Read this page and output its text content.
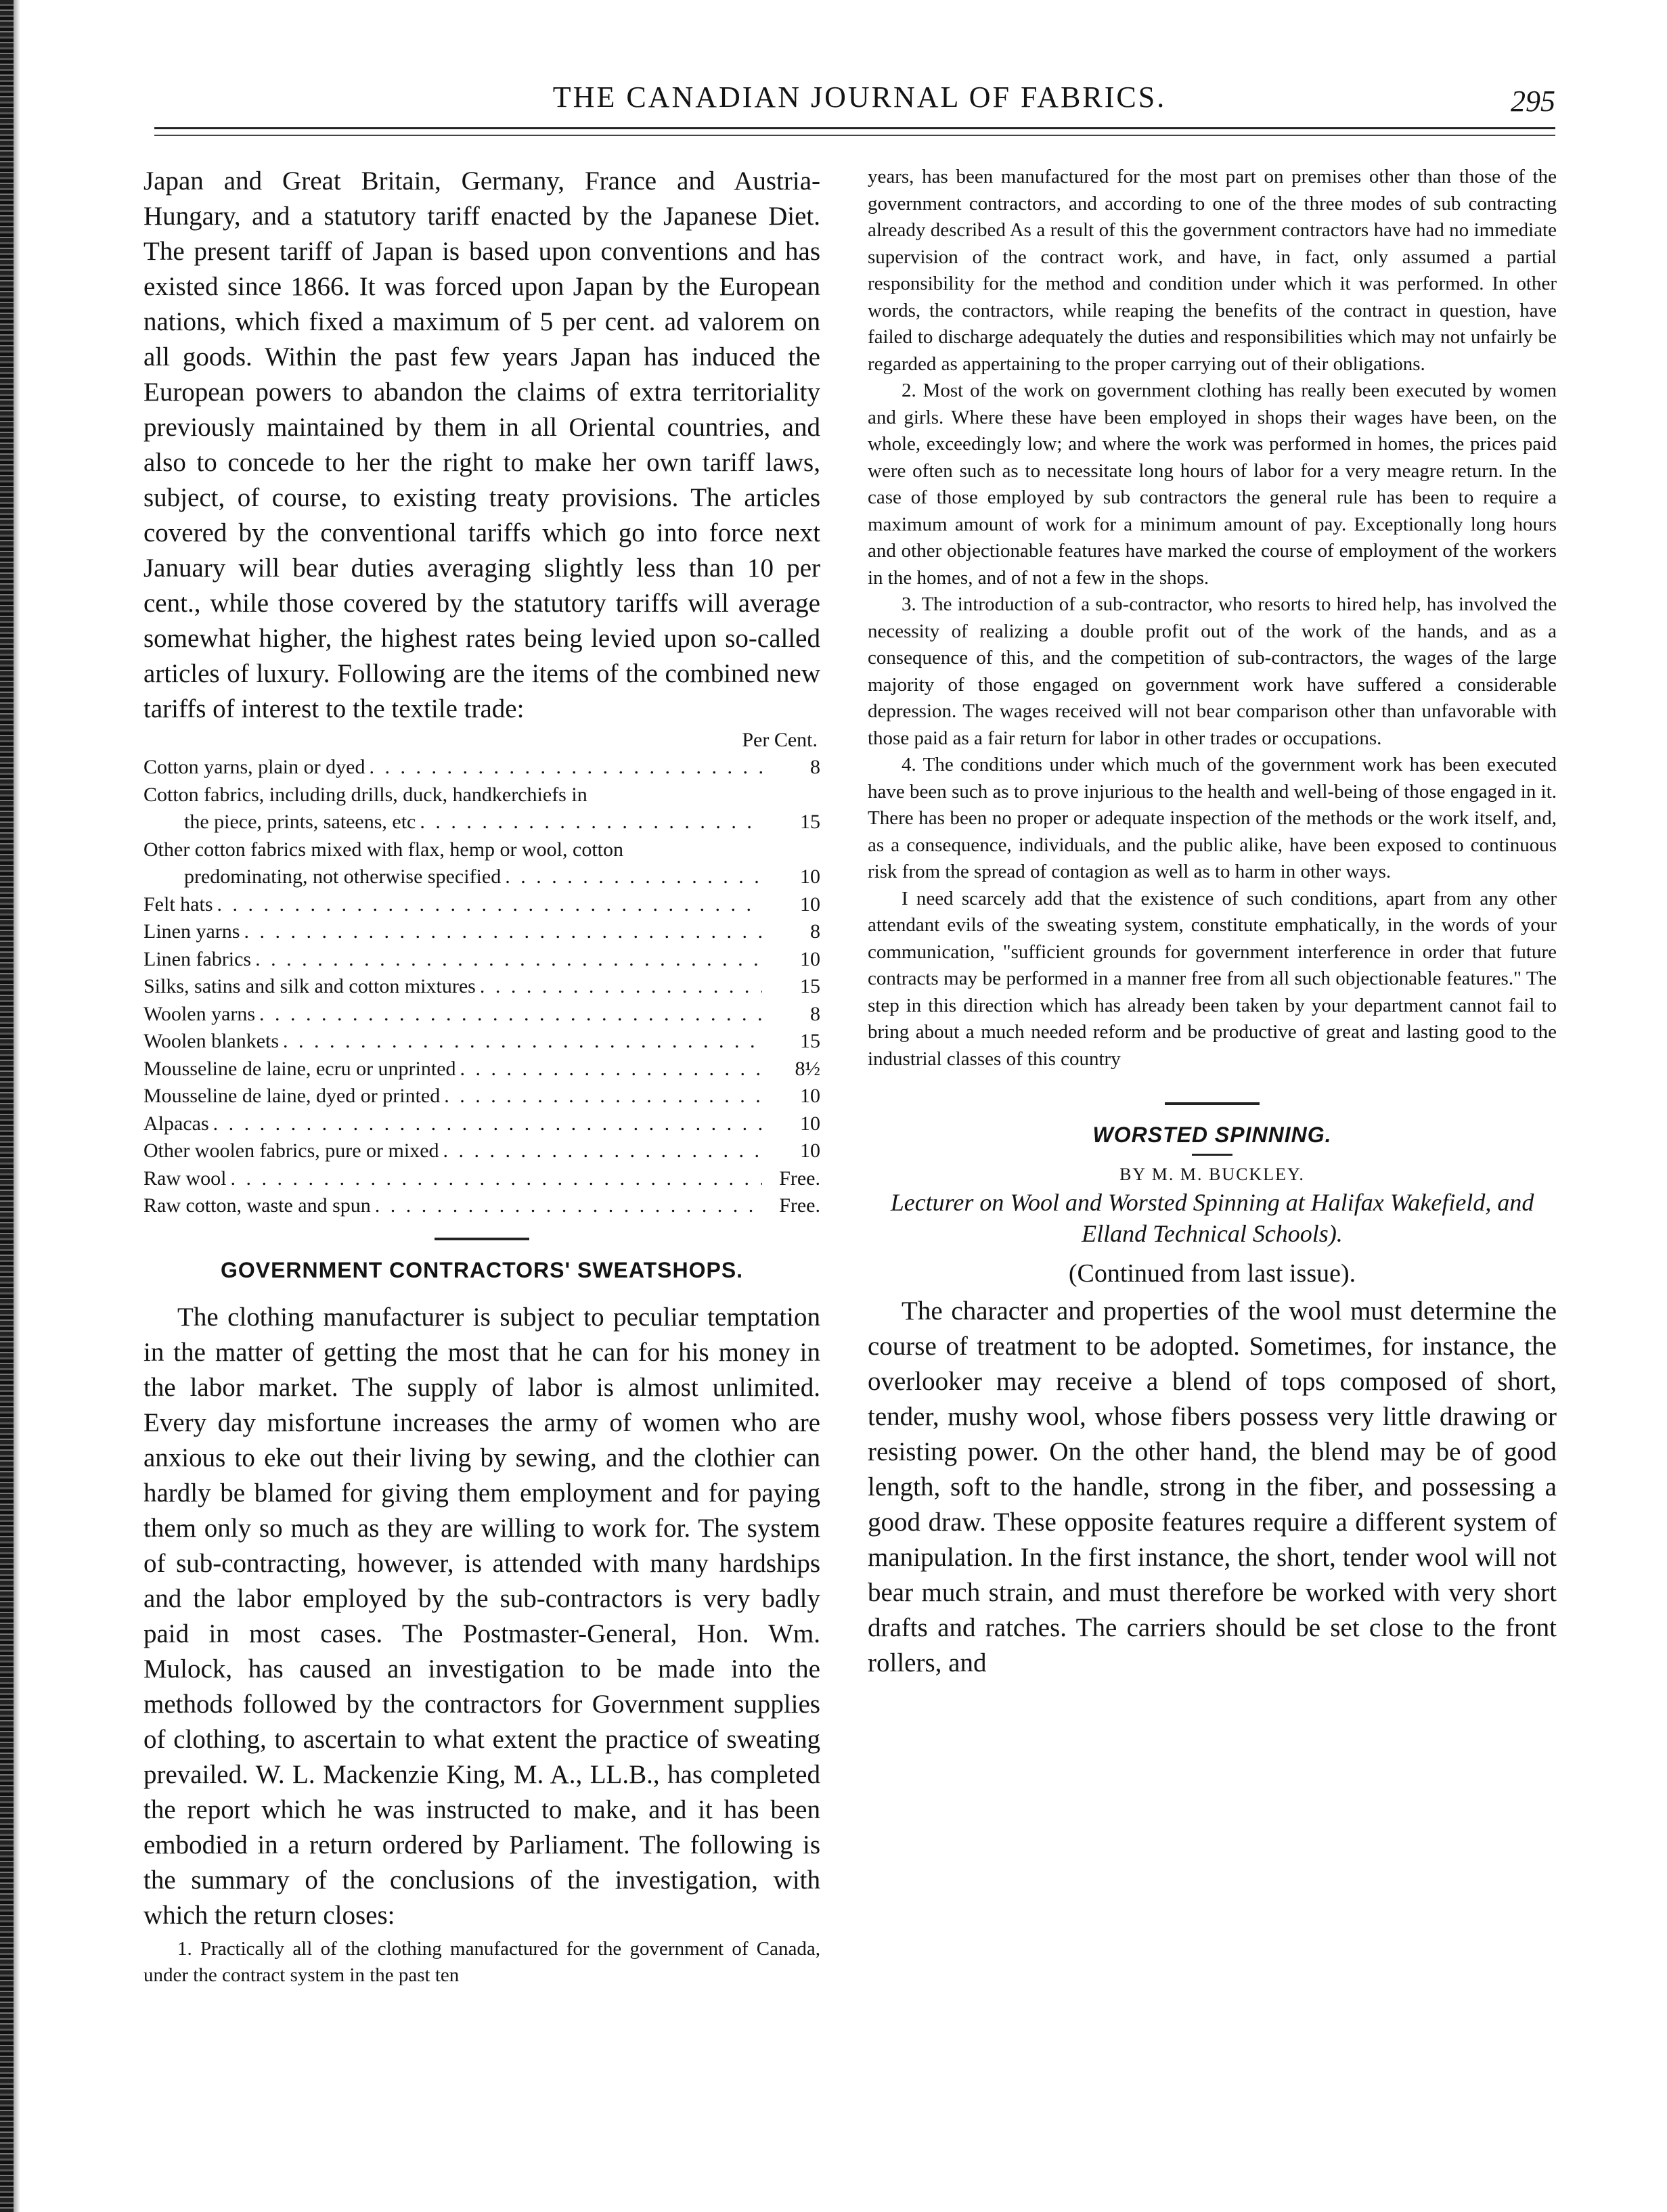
THE CANADIAN JOURNAL OF FABRICS.	295

Japan and Great Britain, Germany, France and Austria-Hungary, and a statutory tariff enacted by the Japanese Diet. The present tariff of Japan is based upon conventions and has existed since 1866. It was forced upon Japan by the European nations, which fixed a maximum of 5 per cent. ad valorem on all goods. Within the past few years Japan has induced the European powers to abandon the claims of extra territoriality previously maintained by them in all Oriental countries, and also to concede to her the right to make her own tariff laws, subject, of course, to existing treaty provisions. The articles covered by the conventional tariffs which go into force next January will bear duties averaging slightly less than 10 per cent., while those covered by the statutory tariffs will average somewhat higher, the highest rates being levied upon so-called articles of luxury. Following are the items of the combined new tariffs of interest to the textile trade:

Per Cent.
Cotton yarns, plain or dyed . . .	8
Cotton fabrics, including drills, duck, handkerchiefs in
the piece, prints, sateens, etc . . .	15
Other cotton fabrics mixed with flax, hemp or wool, cotton
predominating, not otherwise specified . . .	10
Felt hats . . .	10
Linen yarns . . .	8
Linen fabrics . . .	10
Silks, satins and silk and cotton mixtures . . .	15
Woolen yarns . . .	8
Woolen blankets . . .	15
Mousseline de laine, ecru or unprinted . . .	8½
Mousseline de laine, dyed or printed . . .	10
Alpacas . . .	10
Other woolen fabrics, pure or mixed . . .	10
Raw wool . . .	Free.
Raw cotton, waste and spun . . .	Free.
GOVERNMENT CONTRACTORS' SWEATSHOPS.

The clothing manufacturer is subject to peculiar temptation in the matter of getting the most that he can for his money in the labor market. The supply of labor is almost unlimited. Every day misfortune increases the army of women who are anxious to eke out their living by sewing, and the clothier can hardly be blamed for giving them employment and for paying them only so much as they are willing to work for. The system of sub-contracting, however, is attended with many hardships and the labor employed by the sub-contractors is very badly paid in most cases. The Postmaster-General, Hon. Wm. Mulock, has caused an investigation to be made into the methods followed by the contractors for Government supplies of clothing, to ascertain to what extent the practice of sweating prevailed. W. L. Mackenzie King, M. A., LL.B., has completed the report which he was instructed to make, and it has been embodied in a return ordered by Parliament. The following is the summary of the conclusions of the investigation, with which the return closes:

1. Practically all of the clothing manufactured for the government of Canada, under the contract system in the past ten

years, has been manufactured for the most part on premises other than those of the government contractors, and according to one of the three modes of sub contracting already described As a result of this the government contractors have had no immediate supervision of the contract work, and have, in fact, only assumed a partial responsibility for the method and condition under which it was performed. In other words, the contractors, while reaping the benefits of the contract in question, have failed to discharge adequately the duties and responsibilities which may not unfairly be regarded as appertaining to the proper carrying out of their obligations.

2. Most of the work on government clothing has really been executed by women and girls. Where these have been employed in shops their wages have been, on the whole, exceedingly low; and where the work was performed in homes, the prices paid were often such as to necessitate long hours of labor for a very meagre return. In the case of those employed by sub contractors the general rule has been to require a maximum amount of work for a minimum amount of pay. Exceptionally long hours and other objectionable features have marked the course of employment of the workers in the homes, and of not a few in the shops.

3. The introduction of a sub-contractor, who resorts to hired help, has involved the necessity of realizing a double profit out of the work of the hands, and as a consequence of this, and the competition of sub-contractors, the wages of the large majority of those engaged on government work have suffered a considerable depression. The wages received will not bear comparison other than unfavorable with those paid as a fair return for labor in other trades or occupations.

4. The conditions under which much of the government work has been executed have been such as to prove injurious to the health and well-being of those engaged in it. There has been no proper or adequate inspection of the methods or the work itself, and, as a consequence, individuals, and the public alike, have been exposed to continuous risk from the spread of contagion as well as to harm in other ways.

I need scarcely add that the existence of such conditions, apart from any other attendant evils of the sweating system, constitute emphatically, in the words of your communication, "sufficient grounds for government interference in order that future contracts may be performed in a manner free from all such objectionable features." The step in this direction which has already been taken by your department cannot fail to bring about a much needed reform and be productive of great and lasting good to the industrial classes of this country

WORSTED SPINNING.
BY M. M. BUCKLEY.
Lecturer on Wool and Worsted Spinning at Halifax Wakefield, and Elland Technical Schools).
(Continued from last issue).

The character and properties of the wool must determine the course of treatment to be adopted. Sometimes, for instance, the overlooker may receive a blend of tops composed of short, tender, mushy wool, whose fibers possess very little drawing or resisting power. On the other hand, the blend may be of good length, soft to the handle, strong in the fiber, and possessing a good draw. These opposite features require a different system of manipulation. In the first instance, the short, tender wool will not bear much strain, and must therefore be worked with very short drafts and ratches. The carriers should be set close to the front rollers, and
